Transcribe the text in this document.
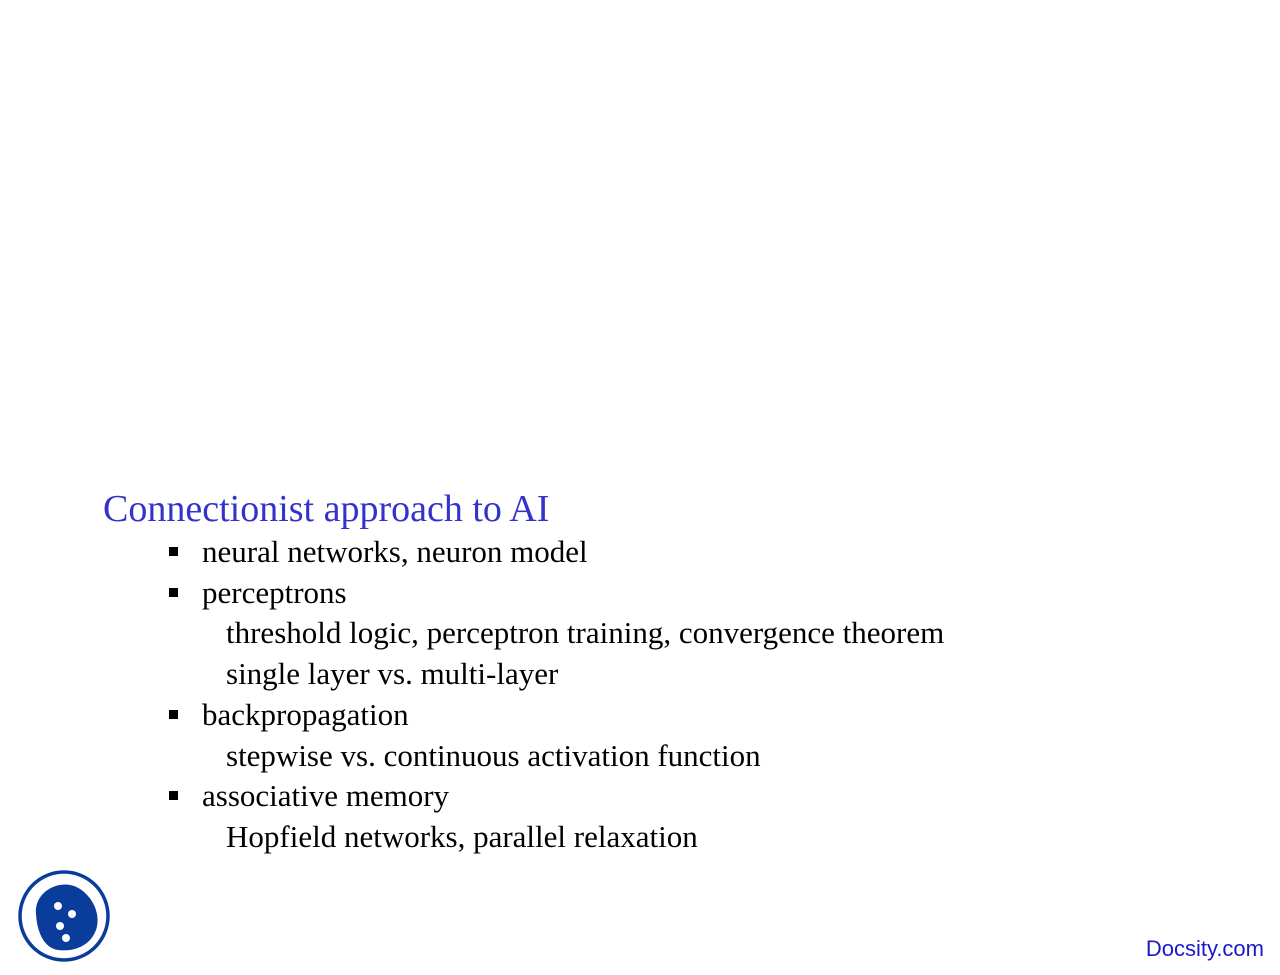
Connectionist approach to AI
neural networks, neuron model
perceptrons
threshold logic, perceptron training, convergence theorem
single layer vs. multi-layer
backpropagation
stepwise vs. continuous activation function
associative memory
Hopfield networks, parallel relaxation
Docsity.com
